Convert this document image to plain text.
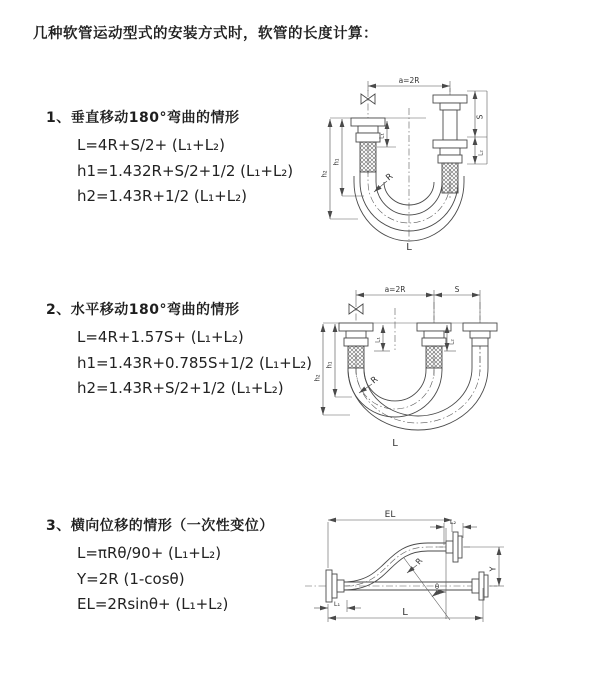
几种软管运动型式的安装方式时，软管的长度计算：
1、垂直移动180°弯曲的情形
L=4R+S/2+ (L₁+L₂)
h1=1.432R+S/2+1/2 (L₁+L₂)
h2=1.43R+1/2 (L₁+L₂)
2、水平移动180°弯曲的情形
L=4R+1.57S+ (L₁+L₂)
h1=1.43R+0.785S+1/2 (L₁+L₂)
h2=1.43R+S/2+1/2 (L₁+L₂)
3、横向位移的情形（一次性变位）
L=πRθ/90+ (L₁+L₂)
Y=2R (1-cosθ)
EL=2Rsinθ+ (L₁+L₂)
a=2R
h₁
h₂
L₁
S
L₂
R
L
a=2R	S
h₁
h₂
L₁	L₂
R
L
θ
EL
L₂
Y
R
L
L₁
